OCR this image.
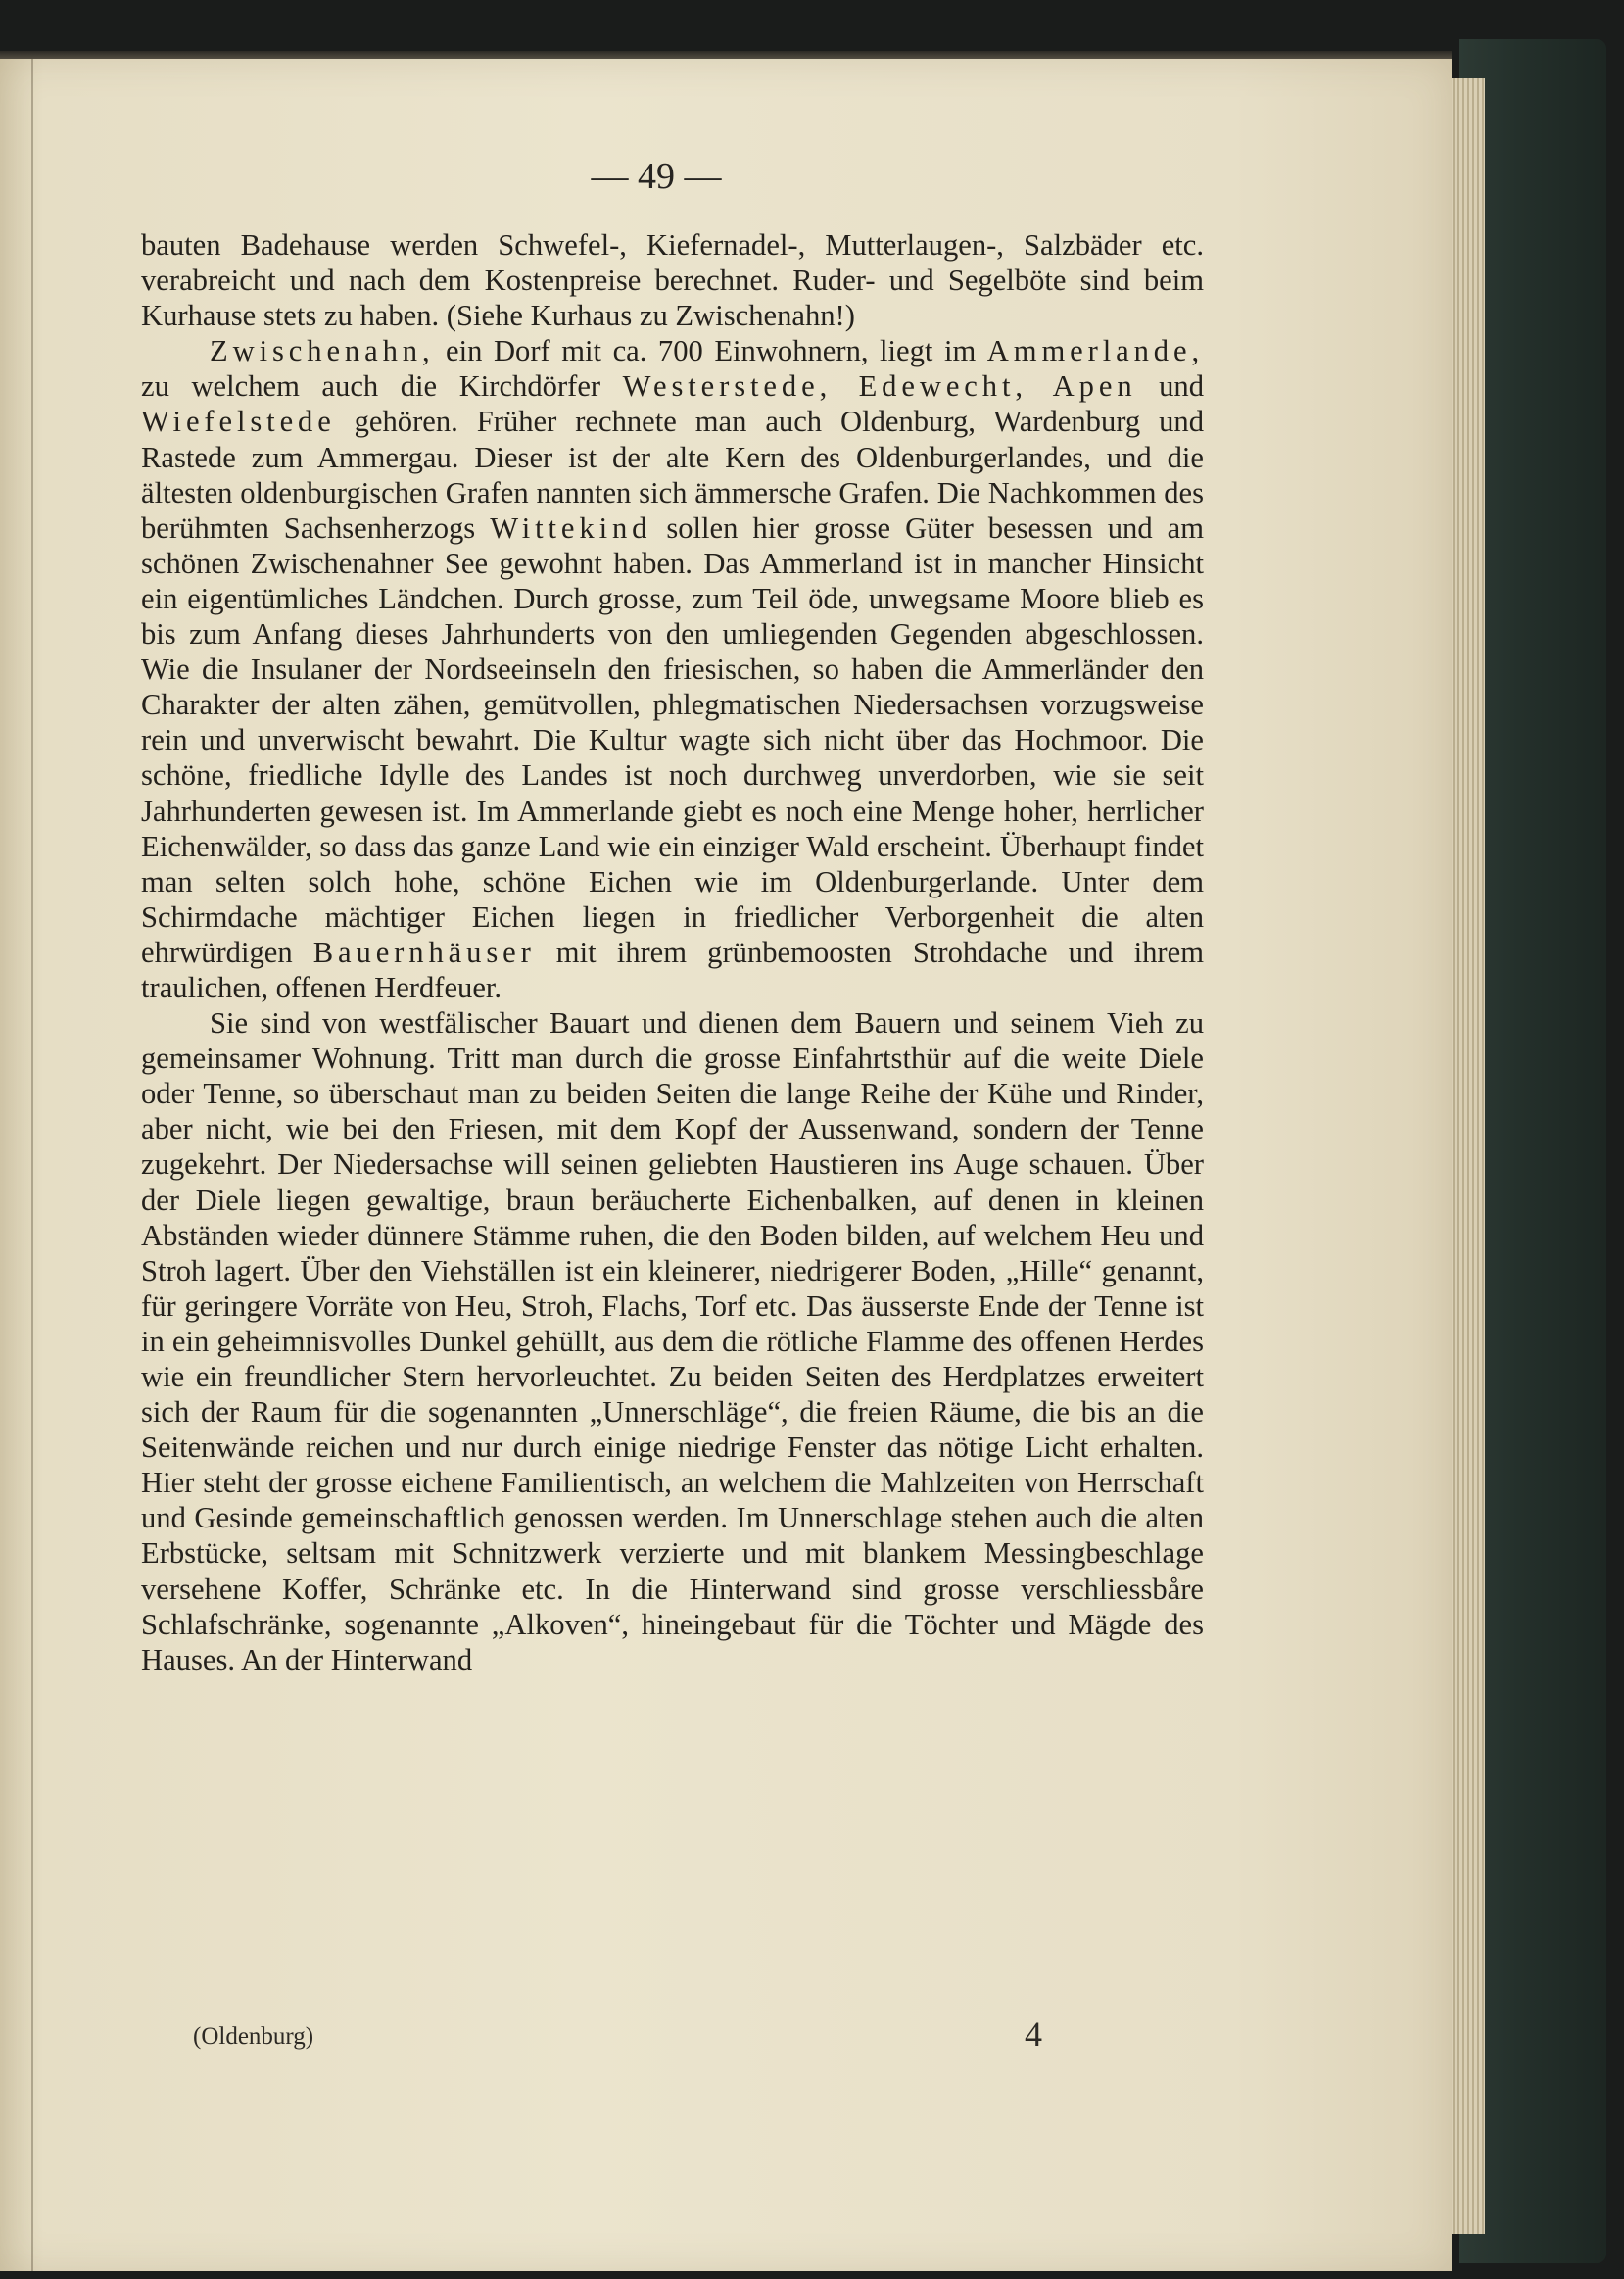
— 49 —

bauten Badehause werden Schwefel-, Kiefernadel-, Mutterlaugen-, Salzbäder etc. verabreicht und nach dem Kostenpreise berechnet. Ruder- und Segelböte sind beim Kurhause stets zu haben. (Siehe Kurhaus zu Zwischenahn!)

Zwischenahn, ein Dorf mit ca. 700 Einwohnern, liegt im Ammerlande, zu welchem auch die Kirchdörfer Westerstede, Edewecht, Apen und Wiefelstede gehören. Früher rechnete man auch Oldenburg, Wardenburg und Rastede zum Ammergau. Dieser ist der alte Kern des Oldenburgerlandes, und die ältesten oldenburgischen Grafen nannten sich ämmersche Grafen. Die Nachkommen des berühmten Sachsenherzogs Wittekind sollen hier grosse Güter besessen und am schönen Zwischenahner See gewohnt haben. Das Ammerland ist in mancher Hinsicht ein eigentümliches Ländchen. Durch grosse, zum Teil öde, unwegsame Moore blieb es bis zum Anfang dieses Jahrhunderts von den umliegenden Gegenden abgeschlossen. Wie die Insulaner der Nordseeinseln den friesischen, so haben die Ammerländer den Charakter der alten zähen, gemütvollen, phlegmatischen Niedersachsen vorzugsweise rein und unverwischt bewahrt. Die Kultur wagte sich nicht über das Hochmoor. Die schöne, friedliche Idylle des Landes ist noch durchweg unverdorben, wie sie seit Jahrhunderten gewesen ist. Im Ammerlande giebt es noch eine Menge hoher, herrlicher Eichenwälder, so dass das ganze Land wie ein einziger Wald erscheint. Überhaupt findet man selten solch hohe, schöne Eichen wie im Oldenburgerlande. Unter dem Schirmdache mächtiger Eichen liegen in friedlicher Verborgenheit die alten ehrwürdigen Bauernhäuser mit ihrem grünbemoosten Strohdache und ihrem traulichen, offenen Herdfeuer.

Sie sind von westfälischer Bauart und dienen dem Bauern und seinem Vieh zu gemeinsamer Wohnung. Tritt man durch die grosse Einfahrtsthür auf die weite Diele oder Tenne, so überschaut man zu beiden Seiten die lange Reihe der Kühe und Rinder, aber nicht, wie bei den Friesen, mit dem Kopf der Aussenwand, sondern der Tenne zugekehrt. Der Niedersachse will seinen geliebten Haustieren ins Auge schauen. Über der Diele liegen gewaltige, braun beräucherte Eichenbalken, auf denen in kleinen Abständen wieder dünnere Stämme ruhen, die den Boden bilden, auf welchem Heu und Stroh lagert. Über den Viehställen ist ein kleinerer, niedrigerer Boden, „Hille“ genannt, für geringere Vorräte von Heu, Stroh, Flachs, Torf etc. Das äusserste Ende der Tenne ist in ein geheimnisvolles Dunkel gehüllt, aus dem die rötliche Flamme des offenen Herdes wie ein freundlicher Stern hervorleuchtet. Zu beiden Seiten des Herdplatzes erweitert sich der Raum für die sogenannten „Unnerschläge“, die freien Räume, die bis an die Seitenwände reichen und nur durch einige niedrige Fenster das nötige Licht erhalten. Hier steht der grosse eichene Familientisch, an welchem die Mahlzeiten von Herrschaft und Gesinde gemeinschaftlich genossen werden. Im Unnerschlage stehen auch die alten Erbstücke, seltsam mit Schnitzwerk verzierte und mit blankem Messingbeschlage versehene Koffer, Schränke etc. In die Hinterwand sind grosse verschliessbåre Schlafschränke, sogenannte „Alkoven“, hineingebaut für die Töchter und Mägde des Hauses. An der Hinterwand

(Oldenburg)	4
